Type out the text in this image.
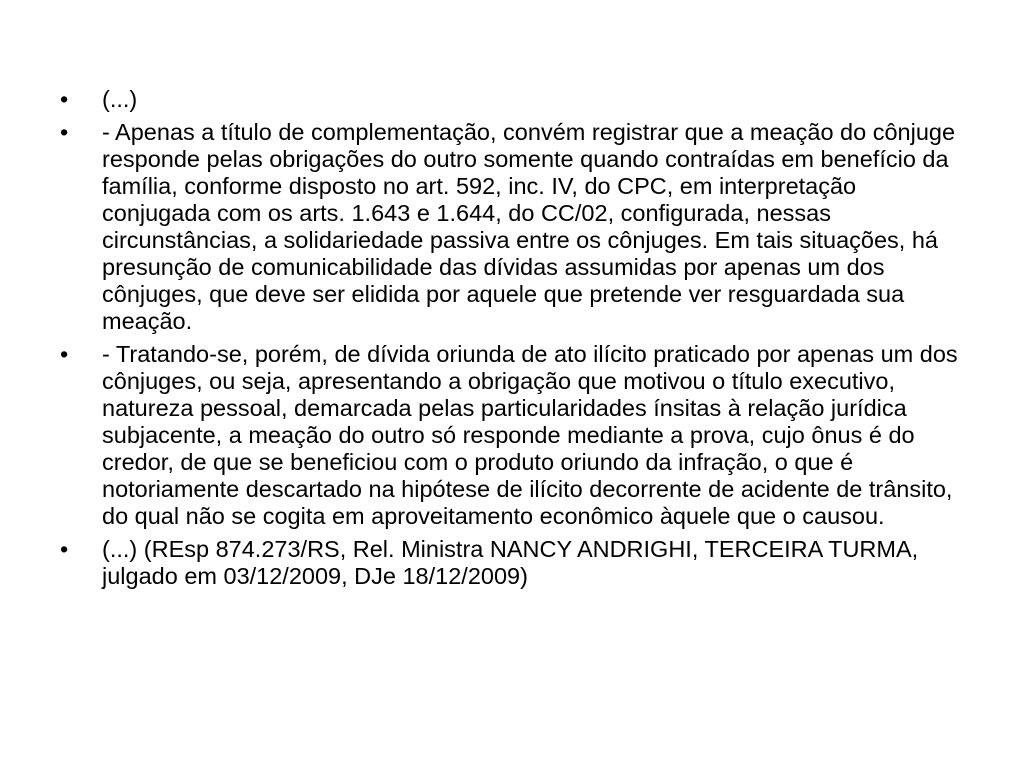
•	(...)
•	- Apenas a título de complementação, convém registrar que a meação do cônjuge responde pelas obrigações do outro somente quando contraídas em benefício da família, conforme disposto no art. 592, inc. IV, do CPC, em interpretação conjugada com os arts. 1.643 e 1.644, do CC/02, configurada, nessas circunstâncias, a solidariedade passiva entre os cônjuges. Em tais situações, há presunção de comunicabilidade das dívidas assumidas por apenas um dos cônjuges, que deve ser elidida por aquele que pretende ver resguardada sua meação.
•	- Tratando-se, porém, de dívida oriunda de ato ilícito praticado por apenas um dos cônjuges, ou seja, apresentando a obrigação que motivou o título executivo, natureza pessoal, demarcada pelas particularidades ínsitas à relação jurídica subjacente, a meação do outro só responde mediante a prova, cujo ônus é do credor, de que se beneficiou com o produto oriundo da infração, o que é notoriamente descartado na hipótese de ilícito decorrente de acidente de trânsito, do qual não se cogita em aproveitamento econômico àquele que o causou.
•	(...) (REsp 874.273/RS, Rel. Ministra NANCY ANDRIGHI, TERCEIRA TURMA, julgado em 03/12/2009, DJe 18/12/2009)
